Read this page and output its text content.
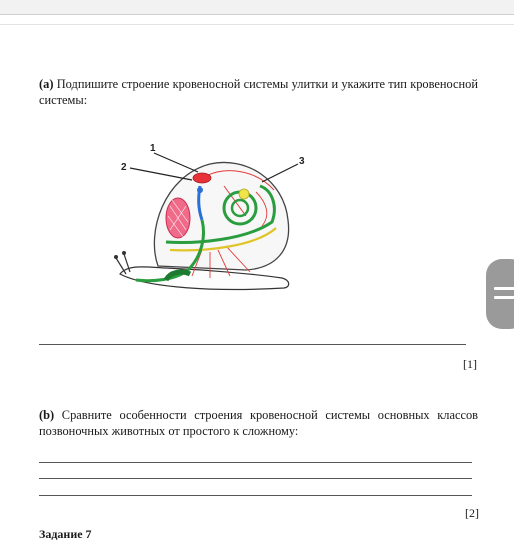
(a) Подпишите строение кровеносной системы улитки и укажите тип кровеносной системы:
1
2
3
[1]
(b) Сравните особенности строения кровеносной системы основных классов позвоночных животных от простого к сложному:
[2]
Задание 7
